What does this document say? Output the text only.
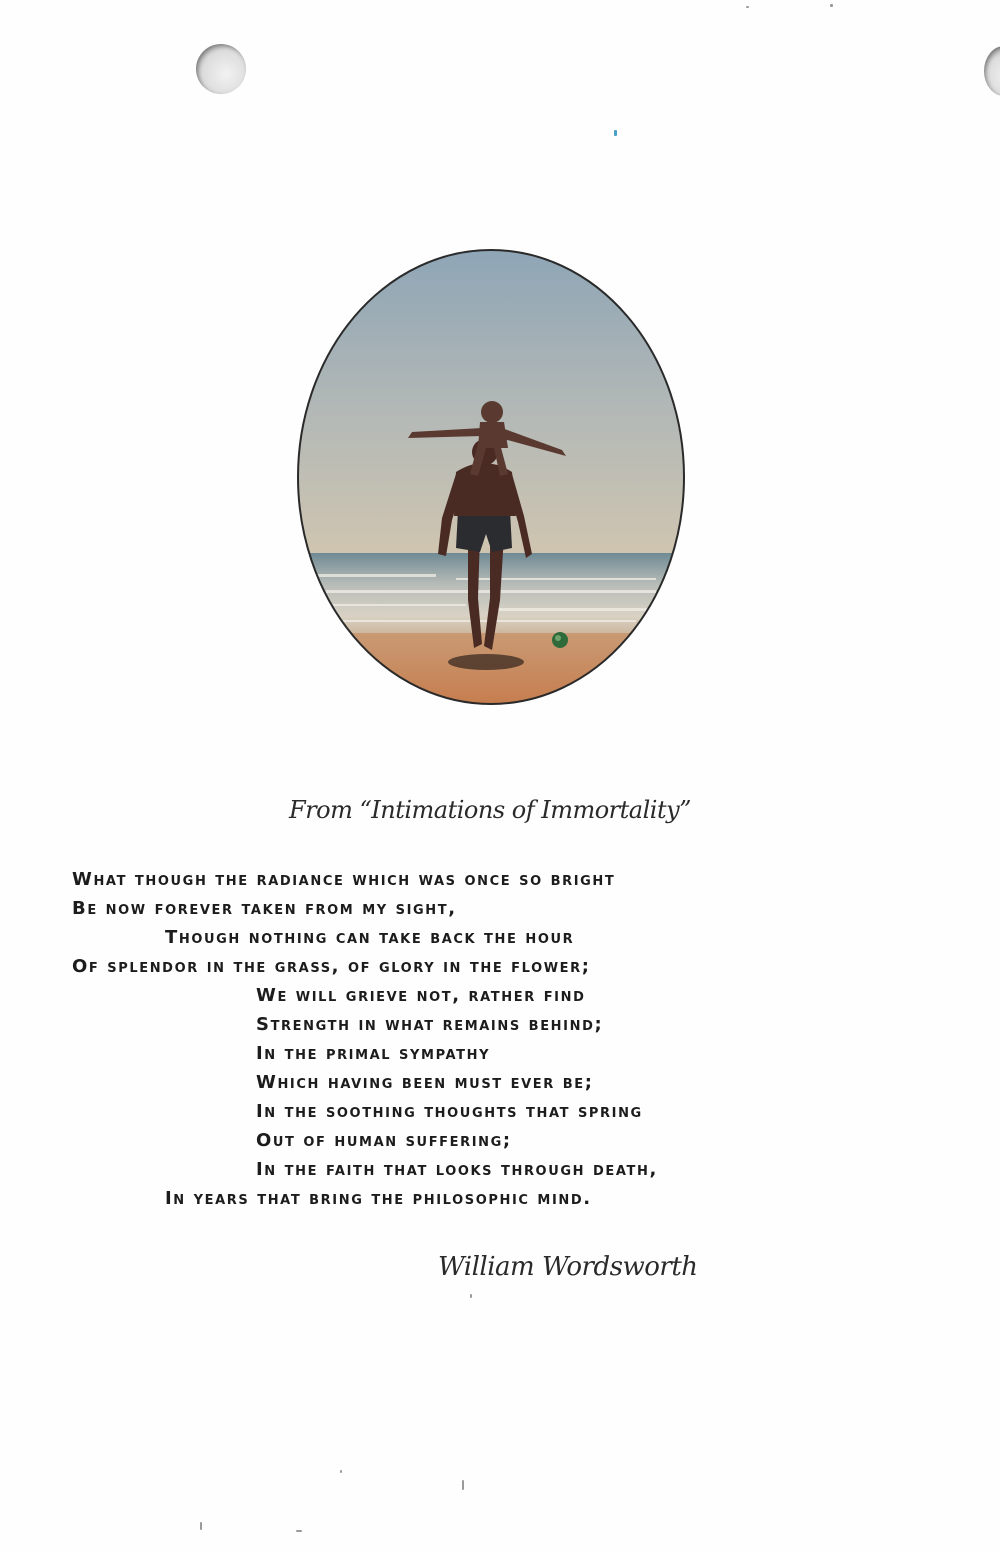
From “Intimations of Immortality”
What though the radiance which was once so bright
Be now forever taken from my sight,
Though nothing can take back the hour
Of splendor in the grass, of glory in the flower;
We will grieve not, rather find
Strength in what remains behind;
In the primal sympathy
Which having been must ever be;
In the soothing thoughts that spring
Out of human suffering;
In the faith that looks through death,
In years that bring the philosophic mind.
William Wordsworth
